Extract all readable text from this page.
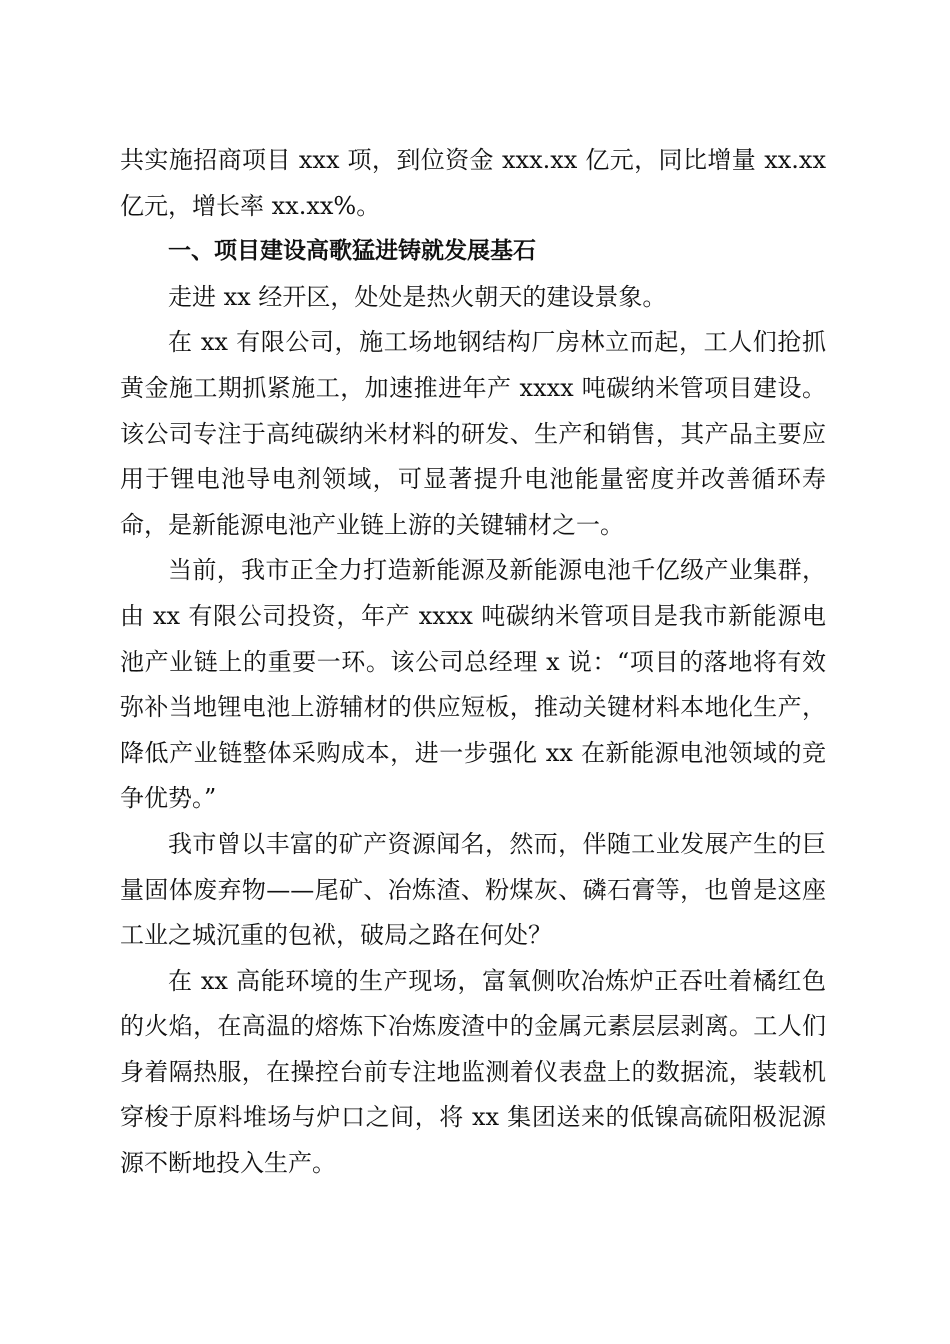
共实施招商项目 xxx 项，到位资金 xxx.xx 亿元，同比增量 xx.xx 亿元，增长率 xx.xx%。

一、项目建设高歌猛进铸就发展基石

走进 xx 经开区，处处是热火朝天的建设景象。

在 xx 有限公司，施工场地钢结构厂房林立而起，工人们抢抓黄金施工期抓紧施工，加速推进年产 xxxx 吨碳纳米管项目建设。该公司专注于高纯碳纳米材料的研发、生产和销售，其产品主要应用于锂电池导电剂领域，可显著提升电池能量密度并改善循环寿命，是新能源电池产业链上游的关键辅材之一。

当前，我市正全力打造新能源及新能源电池千亿级产业集群，由 xx 有限公司投资，年产 xxxx 吨碳纳米管项目是我市新能源电池产业链上的重要一环。该公司总经理 x 说：“项目的落地将有效弥补当地锂电池上游辅材的供应短板，推动关键材料本地化生产，降低产业链整体采购成本，进一步强化 xx 在新能源电池领域的竞争优势。”

我市曾以丰富的矿产资源闻名，然而，伴随工业发展产生的巨量固体废弃物——尾矿、冶炼渣、粉煤灰、磷石膏等，也曾是这座工业之城沉重的包袱，破局之路在何处？

在 xx 高能环境的生产现场，富氧侧吹冶炼炉正吞吐着橘红色的火焰，在高温的熔炼下冶炼废渣中的金属元素层层剥离。工人们身着隔热服，在操控台前专注地监测着仪表盘上的数据流，装载机穿梭于原料堆场与炉口之间，将 xx 集团送来的低镍高硫阳极泥源源不断地投入生产。
